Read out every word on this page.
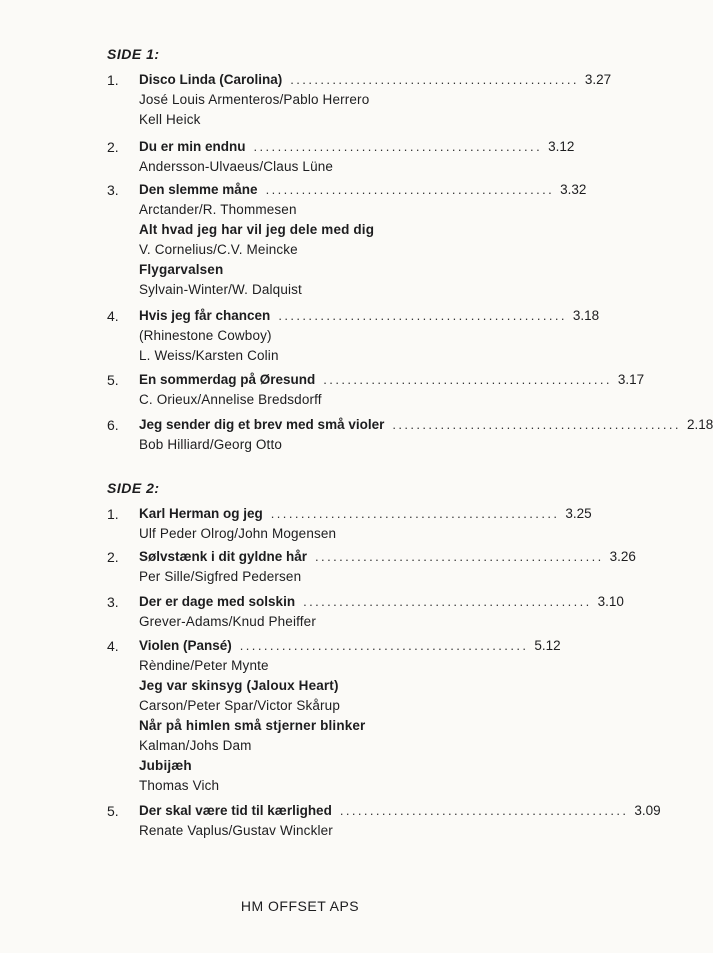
SIDE 1:
1.	Disco Linda (Carolina) ................................................ 3.27
José Louis Armenteros/Pablo Herrero
Kell Heick
2.	Du er min endnu ................................................ 3.12
Andersson-Ulvaeus/Claus Lüne
3.	Den slemme måne ................................................ 3.32
Arctander/R. Thommesen
Alt hvad jeg har vil jeg dele med dig
V. Cornelius/C.V. Meincke
Flygarvalsen
Sylvain-Winter/W. Dalquist
4.	Hvis jeg får chancen ................................................ 3.18
(Rhinestone Cowboy)
L. Weiss/Karsten Colin
5.	En sommerdag på Øresund ................................................ 3.17
C. Orieux/Annelise Bredsdorff
6.	Jeg sender dig et brev med små violer ................................................ 2.18
Bob Hilliard/Georg Otto
SIDE 2:
1.	Karl Herman og jeg ................................................ 3.25
Ulf Peder Olrog/John Mogensen
2.	Sølvstænk i dit gyldne hår ................................................ 3.26
Per Sille/Sigfred Pedersen
3.	Der er dage med solskin ................................................ 3.10
Grever-Adams/Knud Pheiffer
4.	Violen (Pansé) ................................................ 5.12
Rèndine/Peter Mynte
Jeg var skinsyg (Jaloux Heart)
Carson/Peter Spar/Victor Skårup
Når på himlen små stjerner blinker
Kalman/Johs Dam
Jubijæh
Thomas Vich
5.	Der skal være tid til kærlighed ................................................ 3.09
Renate Vaplus/Gustav Winckler
HM OFFSET APS
